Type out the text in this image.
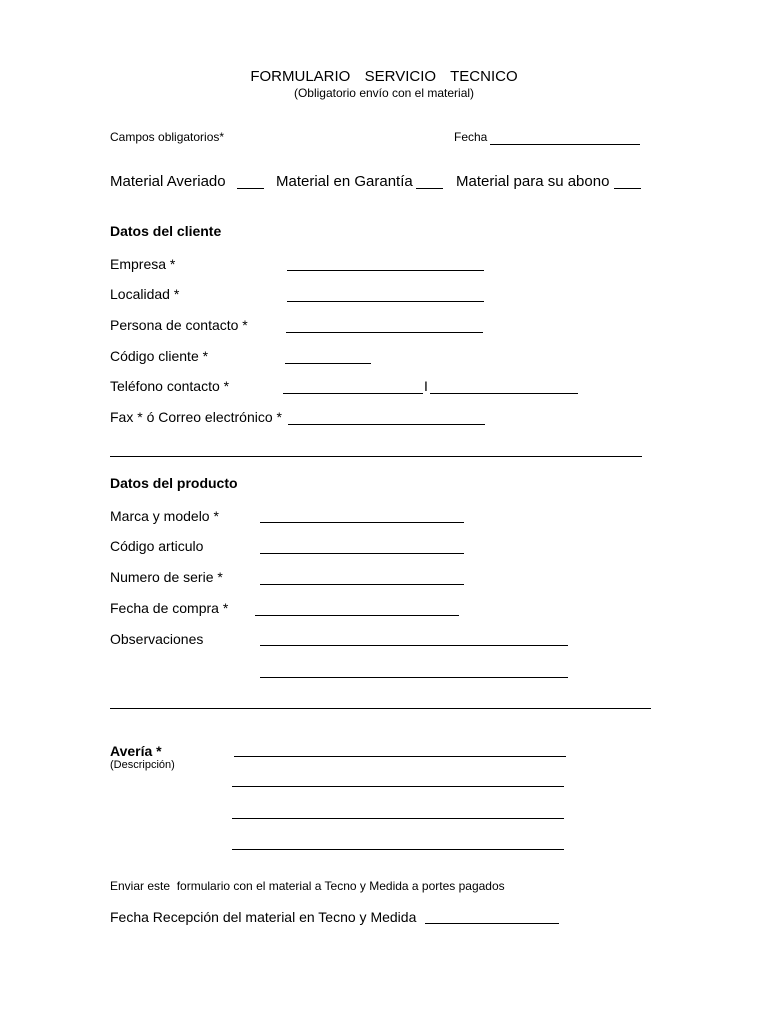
FORMULARIO  SERVICIO  TECNICO
(Obligatorio envío con el material)
Campos obligatorios*	Fecha
Material Averiado	Material en Garantía	Material para su abono
Datos del cliente
Empresa *
Localidad *
Persona de contacto *
Código cliente *
Teléfono contacto *	I
Fax * ó Correo electrónico *
Datos del producto
Marca y modelo *
Código articulo
Numero de serie *
Fecha de compra *
Observaciones
Avería *
(Descripción)
Enviar este  formulario con el material a Tecno y Medida a portes pagados
Fecha Recepción del material en Tecno y Medida
